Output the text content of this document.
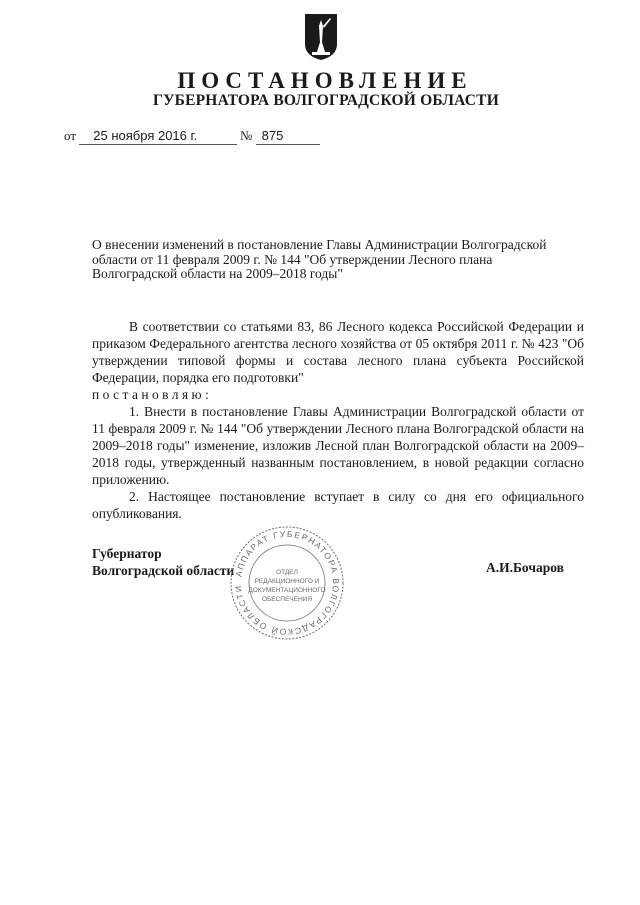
ПОСТАНОВЛЕНИЕ
ГУБЕРНАТОРА ВОЛГОГРАДСКОЙ ОБЛАСТИ
от 25 ноября 2016 г.	№ 875

О внесении изменений в постановление Главы Администрации Волгоградской

области от 11 февраля 2009 г. № 144 "Об утверждении Лесного плана

Волгоградской области на 2009–2018 годы"

В соответствии со статьями 83, 86 Лесного кодекса Российской Федерации и приказом Федерального агентства лесного хозяйства от 05 октября 2011 г. № 423 "Об утверждении типовой формы и состава лесного плана субъекта Российской Федерации, порядка его подготовки"

постановляю:

1. Внести в постановление Главы Администрации Волгоградской области от 11 февраля 2009 г. № 144 "Об утверждении Лесного плана Волгоградской области на 2009–2018 годы" изменение, изложив Лесной план Волгоградской области на 2009–2018 годы, утвержденный названным постановлением, в новой редакции согласно приложению.

2. Настоящее постановление вступает в силу со дня его официального опубликования.

Губернатор
Волгоградской области	А.И.Бочаров
АППАРАТ ГУБЕРНАТОРА ВОЛГОГРАДСКОЙ ОБЛАСТИ
ОТДЕЛ
РЕДАКЦИОННОГО И
ДОКУМЕНТАЦИОННОГО
ОБЕСПЕЧЕНИЯ
